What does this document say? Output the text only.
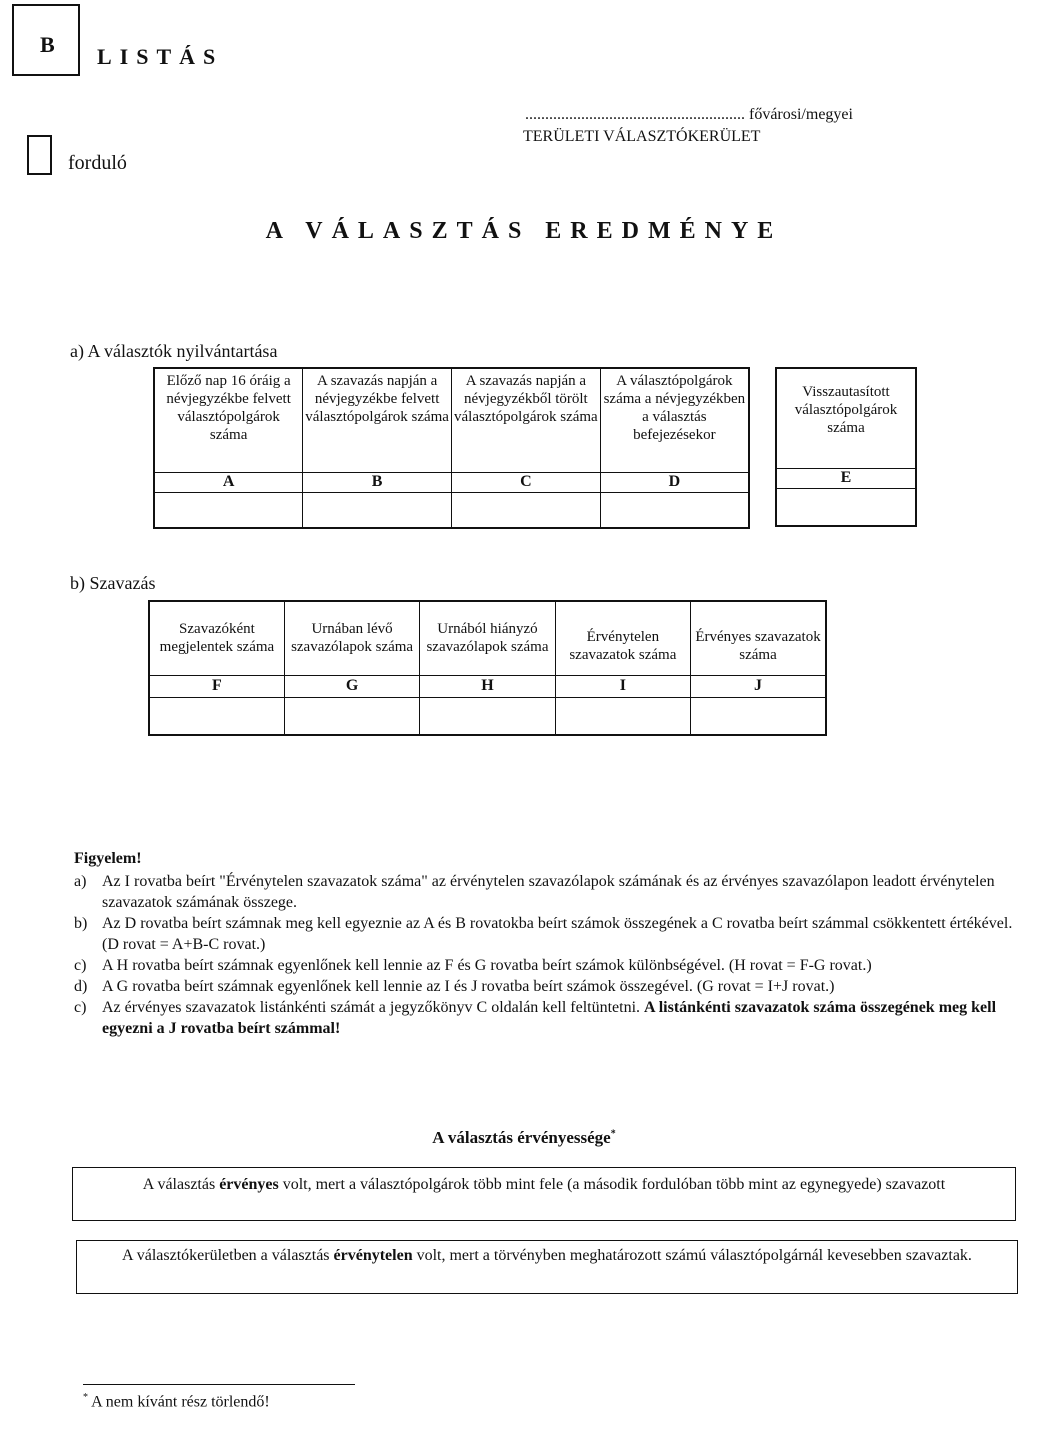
B LISTÁS
forduló
....................................................... fővárosi/megyei
TERÜLETI VÁLASZTÓKERÜLET
A VÁLASZTÁS EREDMÉNYE
a) A választók nyilvántartása
Előző nap 16 óráig a névjegyzékbe felvett választópolgárok száma	A szavazás napján a névjegyzékbe felvett választópolgárok száma	A szavazás napján a névjegyzékből törölt választópolgárok száma	A választópolgárok száma a névjegyzékben a választás befejezésekor
A	B	C	D

Visszautasított választópolgárok száma
E

b) Szavazás
Szavazóként megjelentek száma	Urnában lévő szavazólapok száma	Urnából hiányzó szavazólapok száma	Érvénytelen szavazatok száma	Érvényes szavazatok száma
F	G	H	I	J

Figyelem!
a) Az I rovatba beírt "Érvénytelen szavazatok száma" az érvénytelen szavazólapok számának és az érvényes szavazólapon leadott érvénytelen szavazatok számának összege.
b) Az D rovatba beírt számnak meg kell egyeznie az A és B rovatokba beírt számok összegének a C rovatba beírt számmal csökkentett értékével. (D rovat = A+B-C rovat.)
c) A H rovatba beírt számnak egyenlőnek kell lennie az F és G rovatba beírt számok különbségével. (H rovat = F-G rovat.)
d) A G rovatba beírt számnak egyenlőnek kell lennie az I és J rovatba beírt számok összegével. (G rovat = I+J rovat.)
c) Az érvényes szavazatok listánkénti számát a jegyzőkönyv C oldalán kell feltüntetni. A listánkénti szavazatok száma összegének meg kell egyezni a J rovatba beírt számmal!
A választás érvényessége*
A választás érvényes volt, mert a választópolgárok több mint fele (a második fordulóban több mint az egynegyede) szavazott
A választókerületben a választás érvénytelen volt, mert a törvényben meghatározott számú választópolgárnál kevesebben szavaztak.
* A nem kívánt rész törlendő!
